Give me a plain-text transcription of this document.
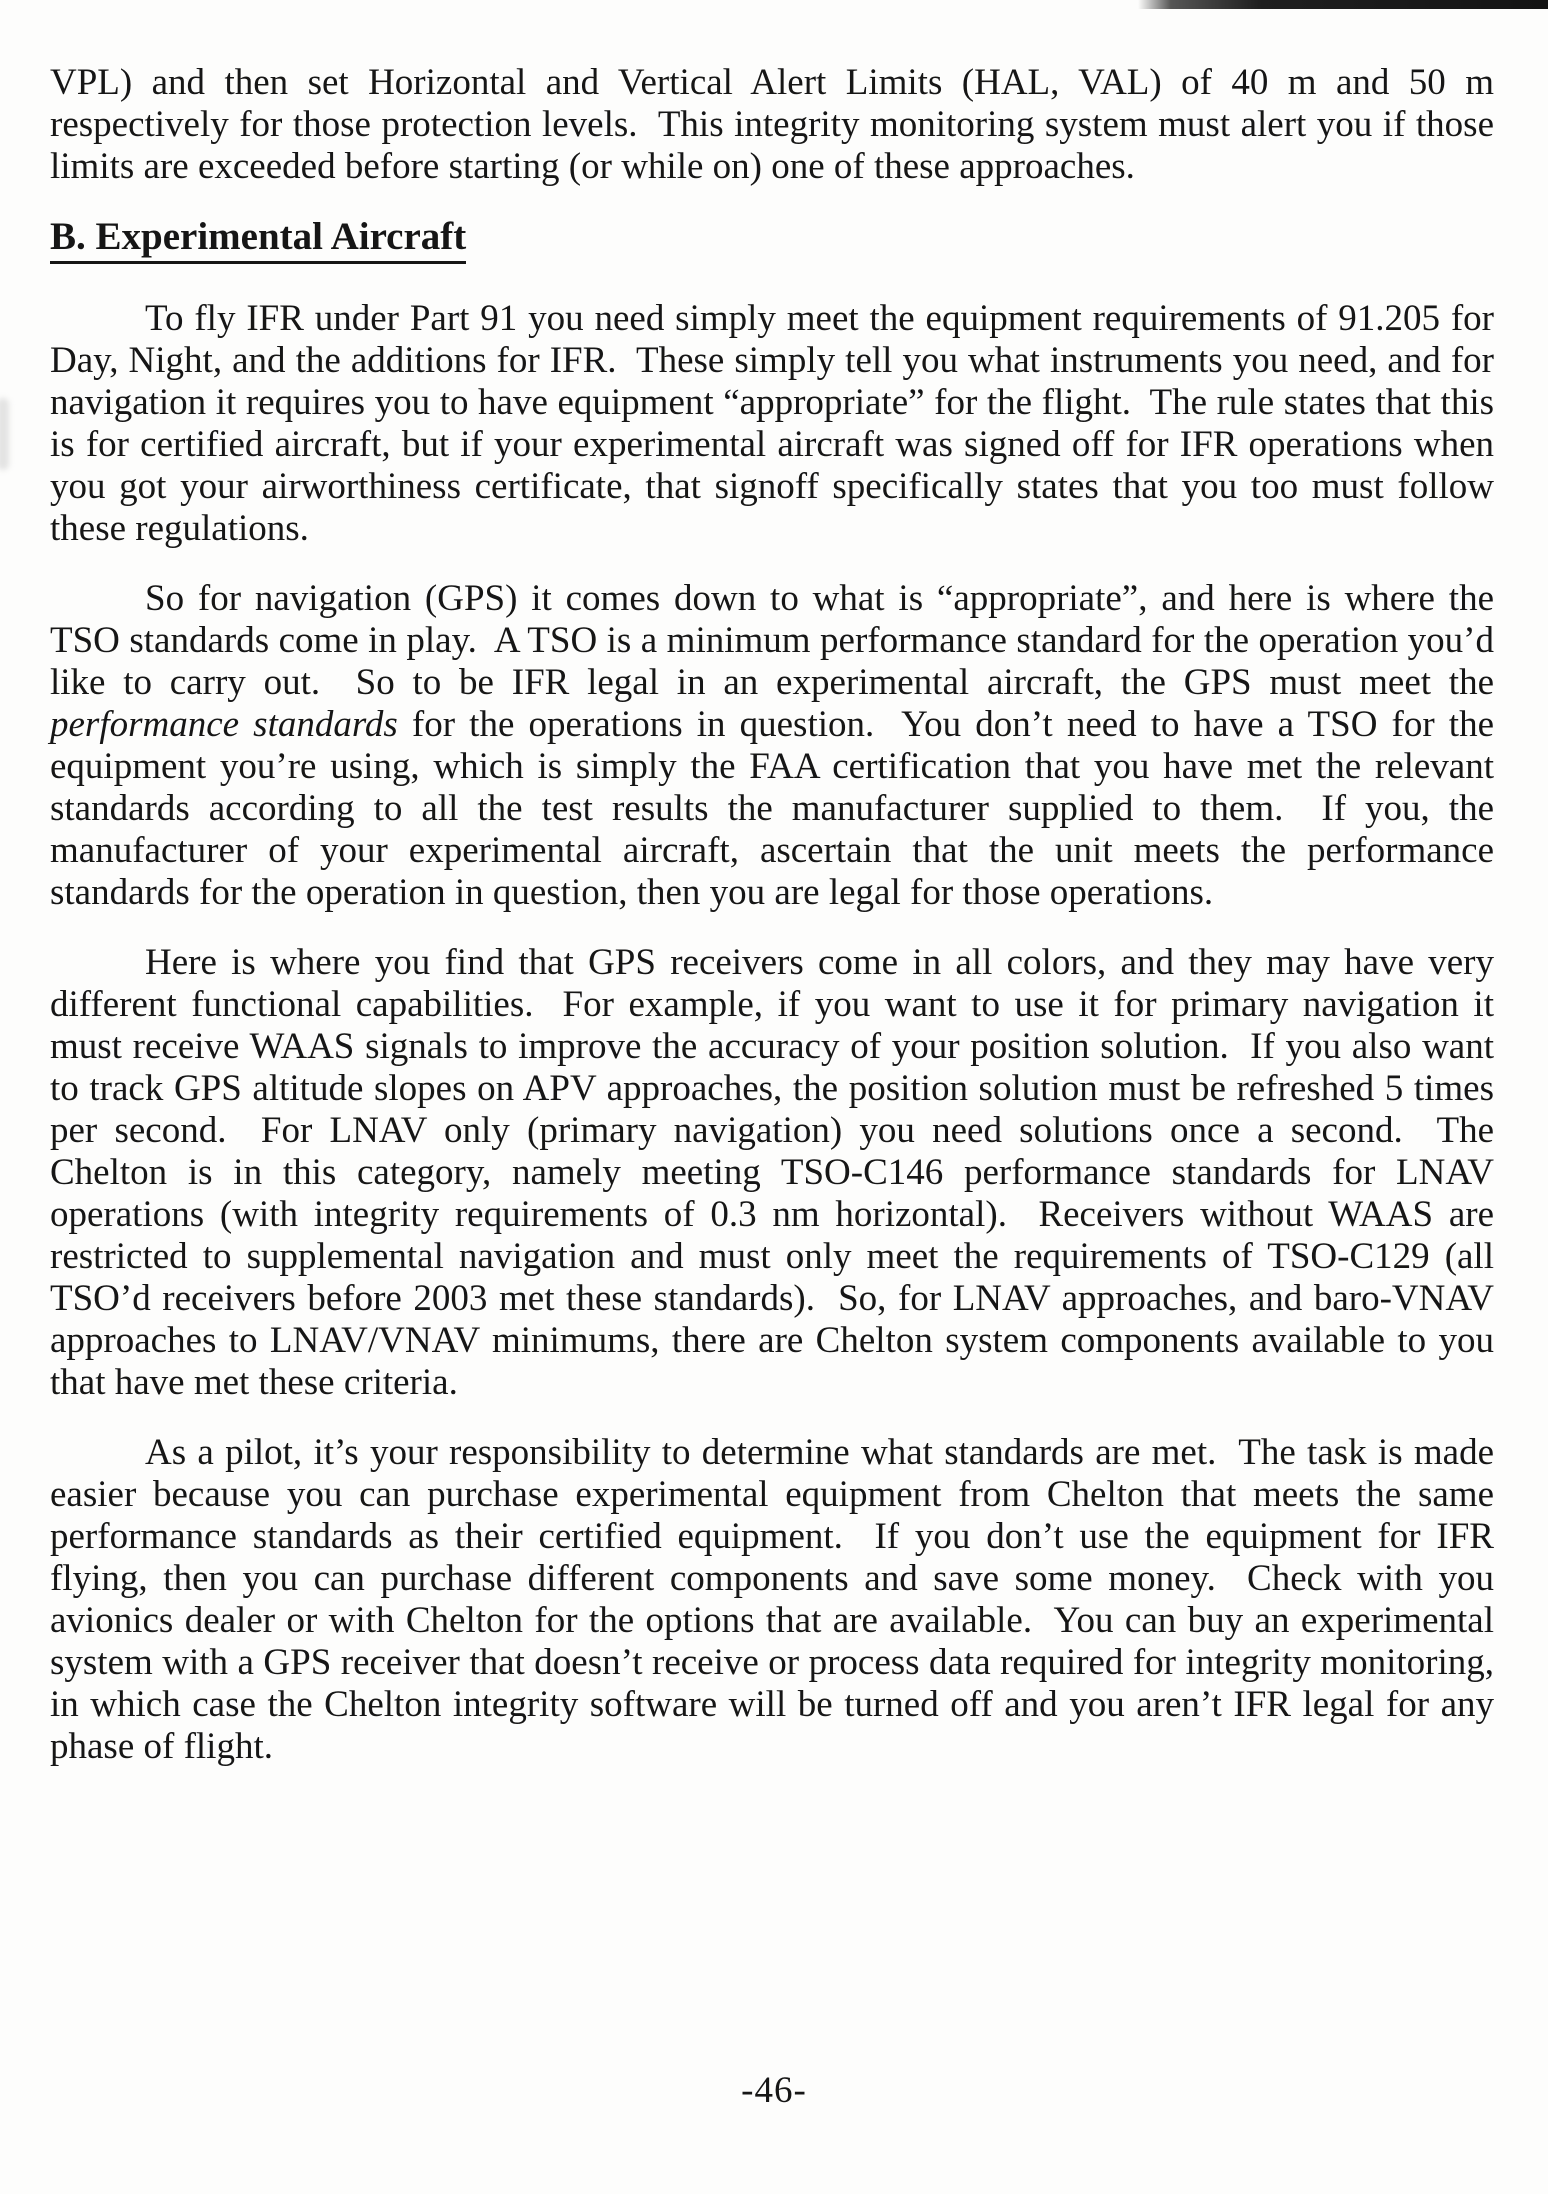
VPL) and then set Horizontal and Vertical Alert Limits (HAL, VAL) of 40 m and 50 m respectively for those protection levels.  This integrity monitoring system must alert you if those limits are exceeded before starting (or while on) one of these approaches.

B. Experimental Aircraft

To fly IFR under Part 91 you need simply meet the equipment requirements of 91.205 for Day, Night, and the additions for IFR.  These simply tell you what instruments you need, and for navigation it requires you to have equipment “appropriate” for the flight.  The rule states that this is for certified aircraft, but if your experimental aircraft was signed off for IFR operations when you got your airworthiness certificate, that signoff specifically states that you too must follow these regulations.

So for navigation (GPS) it comes down to what is “appropriate”, and here is where the TSO standards come in play.  A TSO is a minimum performance standard for the operation you’d like to carry out.  So to be IFR legal in an experimental aircraft, the GPS must meet the performance standards for the operations in question.  You don’t need to have a TSO for the equipment you’re using, which is simply the FAA certification that you have met the relevant standards according to all the test results the manufacturer supplied to them.  If you, the manufacturer of your experimental aircraft, ascertain that the unit meets the performance standards for the operation in question, then you are legal for those operations.

Here is where you find that GPS receivers come in all colors, and they may have very different functional capabilities.  For example, if you want to use it for primary navigation it must receive WAAS signals to improve the accuracy of your position solution.  If you also want to track GPS altitude slopes on APV approaches, the position solution must be refreshed 5 times per second.  For LNAV only (primary navigation) you need solutions once a second.  The Chelton is in this category, namely meeting TSO-C146 performance standards for LNAV operations (with integrity requirements of 0.3 nm horizontal).  Receivers without WAAS are restricted to supplemental navigation and must only meet the requirements of TSO-C129 (all TSO’d receivers before 2003 met these standards).  So, for LNAV approaches, and baro-VNAV approaches to LNAV/VNAV minimums, there are Chelton system components available to you that have met these criteria.

As a pilot, it’s your responsibility to determine what standards are met.  The task is made easier because you can purchase experimental equipment from Chelton that meets the same performance standards as their certified equipment.  If you don’t use the equipment for IFR flying, then you can purchase different components and save some money.  Check with you avionics dealer or with Chelton for the options that are available.  You can buy an experimental system with a GPS receiver that doesn’t receive or process data required for integrity monitoring, in which case the Chelton integrity software will be turned off and you aren’t IFR legal for any phase of flight.

-46-
